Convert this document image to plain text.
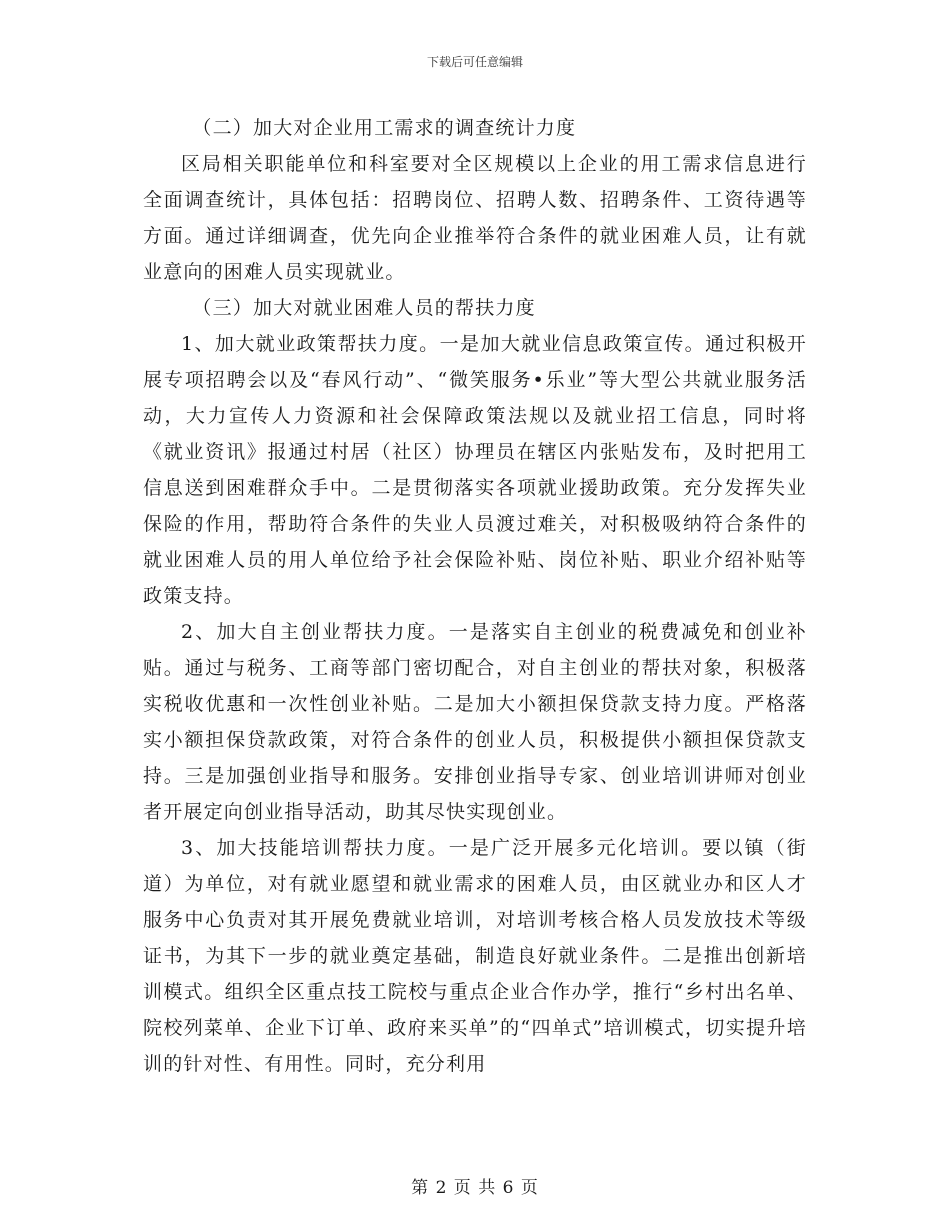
下载后可任意编辑

（二）加大对企业用工需求的调查统计力度

区局相关职能单位和科室要对全区规模以上企业的用工需求信息进行全面调查统计，具体包括：招聘岗位、招聘人数、招聘条件、工资待遇等方面。通过详细调查，优先向企业推举符合条件的就业困难人员，让有就业意向的困难人员实现就业。

（三）加大对就业困难人员的帮扶力度

1、加大就业政策帮扶力度。一是加大就业信息政策宣传。通过积极开展专项招聘会以及“春风行动”、“微笑服务•乐业”等大型公共就业服务活动，大力宣传人力资源和社会保障政策法规以及就业招工信息，同时将《就业资讯》报通过村居（社区）协理员在辖区内张贴发布，及时把用工信息送到困难群众手中。二是贯彻落实各项就业援助政策。充分发挥失业保险的作用，帮助符合条件的失业人员渡过难关，对积极吸纳符合条件的就业困难人员的用人单位给予社会保险补贴、岗位补贴、职业介绍补贴等政策支持。

2、加大自主创业帮扶力度。一是落实自主创业的税费减免和创业补贴。通过与税务、工商等部门密切配合，对自主创业的帮扶对象，积极落实税收优惠和一次性创业补贴。二是加大小额担保贷款支持力度。严格落实小额担保贷款政策，对符合条件的创业人员，积极提供小额担保贷款支持。三是加强创业指导和服务。安排创业指导专家、创业培训讲师对创业者开展定向创业指导活动，助其尽快实现创业。

3、加大技能培训帮扶力度。一是广泛开展多元化培训。要以镇（街道）为单位，对有就业愿望和就业需求的困难人员，由区就业办和区人才服务中心负责对其开展免费就业培训，对培训考核合格人员发放技术等级证书，为其下一步的就业奠定基础，制造良好就业条件。二是推出创新培训模式。组织全区重点技工院校与重点企业合作办学，推行“乡村出名单、院校列菜单、企业下订单、政府来买单”的“四单式”培训模式，切实提升培训的针对性、有用性。同时，充分利用

第 2 页 共 6 页
